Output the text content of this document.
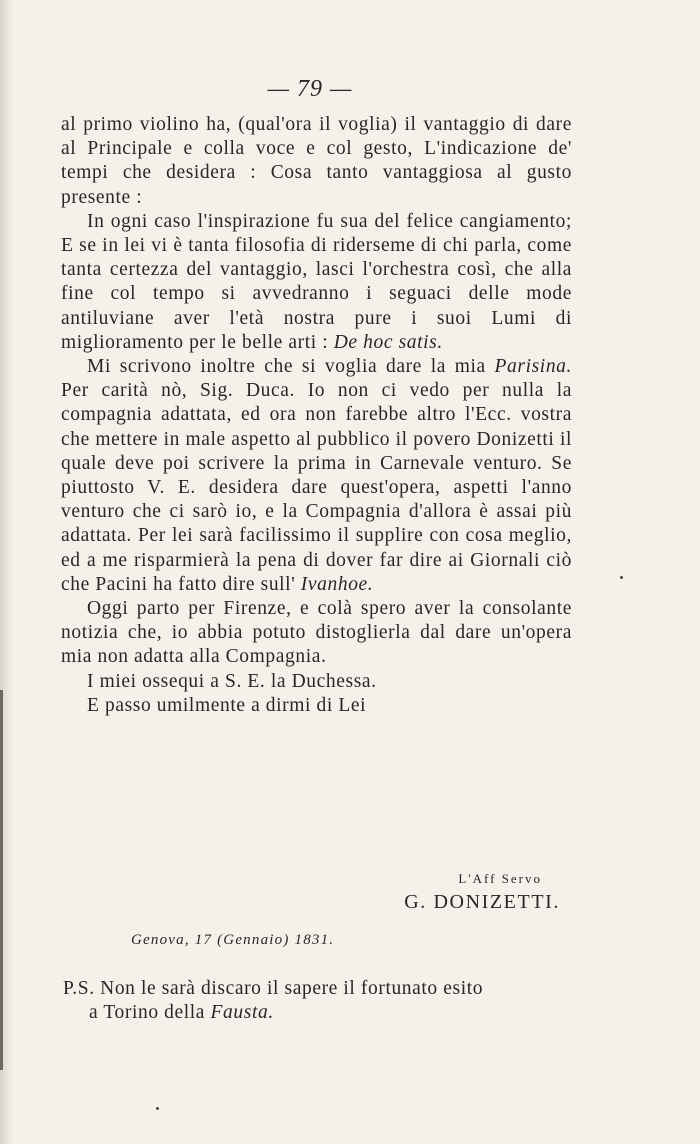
— 79 —

al primo violino ha, (qual'ora il voglia) il vantaggio di dare al Principale e colla voce e col gesto, L'indicazione de' tempi che desidera : Cosa tanto vantaggiosa al gusto presente :

In ogni caso l'inspirazione fu sua del felice cangiamento; E se in lei vi è tanta filosofia di riderseme di chi parla, come tanta certezza del vantaggio, lasci l'orchestra così, che alla fine col tempo si avvedranno i seguaci delle mode antiluviane aver l'età nostra pure i suoi Lumi di miglioramento per le belle arti : De hoc satis.

Mi scrivono inoltre che si voglia dare la mia Parisina. Per carità nò, Sig. Duca. Io non ci vedo per nulla la compagnia adattata, ed ora non farebbe altro l'Ecc. vostra che mettere in male aspetto al pubblico il povero Donizetti il quale deve poi scrivere la prima in Carnevale venturo. Se piuttosto V. E. desidera dare quest'opera, aspetti l'anno venturo che ci sarò io, e la Compagnia d'allora è assai più adattata. Per lei sarà facilissimo il supplire con cosa meglio, ed a me risparmierà la pena di dover far dire ai Giornali ciò che Pacini ha fatto dire sull' Ivanhoe.

Oggi parto per Firenze, e colà spero aver la consolante notizia che, io abbia potuto distoglierla dal dare un'opera mia non adatta alla Compagnia.

I miei ossequi a S. E. la Duchessa.

E passo umilmente a dirmi di Lei

L'Aff Servo
G. DONIZETTI.
Genova, 17 (Gennaio) 1831.

P.S. Non le sarà discaro il sapere il fortunato esito

a Torino della Fausta.
